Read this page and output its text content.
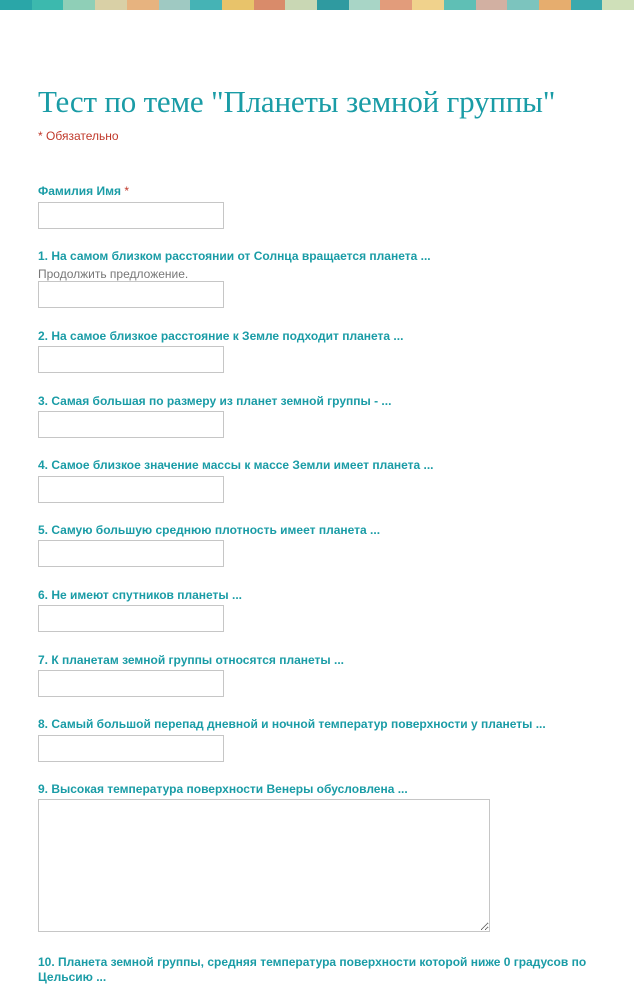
Тест по теме "Планеты земной группы"
* Обязательно
Фамилия Имя *
1. На самом близком расстоянии от Солнца вращается планета ...
Продолжить предложение.
2. На самое близкое расстояние к Земле подходит планета ...
3. Самая большая по размеру из планет земной группы - ...
4. Самое близкое значение массы к массе Земли имеет планета ...
5. Самую большую среднюю плотность имеет планета ...
6. Не имеют спутников планеты ...
7. К планетам земной группы относятся планеты ...
8. Самый большой перепад дневной и ночной температур поверхности у планеты ...
9. Высокая температура поверхности Венеры обусловлена ...
10. Планета земной группы, средняя температура поверхности которой ниже 0 градусов по Цельсию ...
